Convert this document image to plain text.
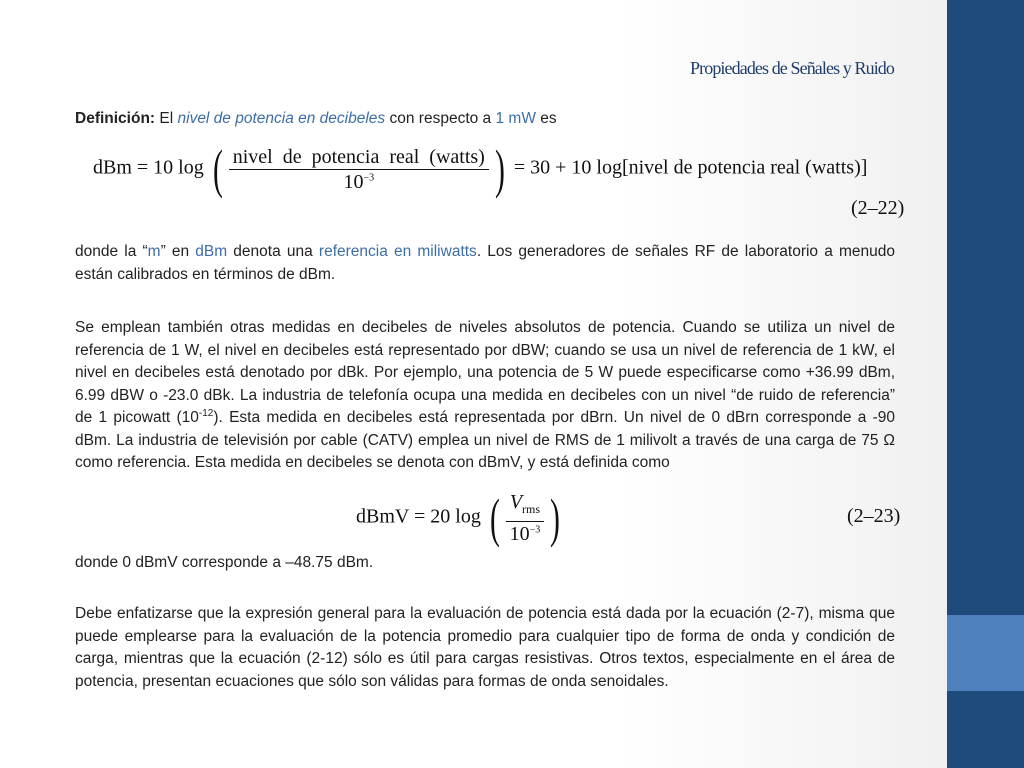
Propiedades de Señales y Ruido

Definición: El nivel de potencia en decibeles con respecto a 1 mW es

dBm = 10 log ( $\frac{\text{nivel  de  potencia  real  (watts)}}{10^{-3}}$ ) = 30 + 10 log[nivel de potencia real (watts)]
(2–22)

donde la “m” en dBm denota una referencia en miliwatts. Los generadores de señales RF de laboratorio a menudo están calibrados en términos de dBm.

Se emplean también otras medidas en decibeles de niveles absolutos de potencia. Cuando se utiliza un nivel de referencia de 1 W, el nivel en decibeles está representado por dBW; cuando se usa un nivel de referencia de 1 kW, el nivel en decibeles está denotado por dBk. Por ejemplo, una potencia de 5 W puede especificarse como +36.99 dBm, 6.99 dBW o -23.0 dBk. La industria de telefonía ocupa una medida en decibeles con un nivel “de ruido de referencia” de 1 picowatt $(10^{-12})$. Esta medida en decibeles está representada por dBrn. Un nivel de 0 dBrn corresponde a -90 dBm. La industria de televisión por cable (CATV) emplea un nivel de RMS de 1 milivolt a través de una carga de 75 Ω como referencia. Esta medida en decibeles se denota con dBmV, y está definida como

dBmV = 20 log ( $\frac{V_{rms}}{10^{-3}}$ )	(2–23)

donde 0 dBmV corresponde a –48.75 dBm.

Debe enfatizarse que la expresión general para la evaluación de potencia está dada por la ecuación (2-7), misma que puede emplearse para la evaluación de la potencia promedio para cualquier tipo de forma de onda y condición de carga, mientras que la ecuación (2-12) sólo es útil para cargas resistivas. Otros textos, especialmente en el área de potencia, presentan ecuaciones que sólo son válidas para formas de onda senoidales.
